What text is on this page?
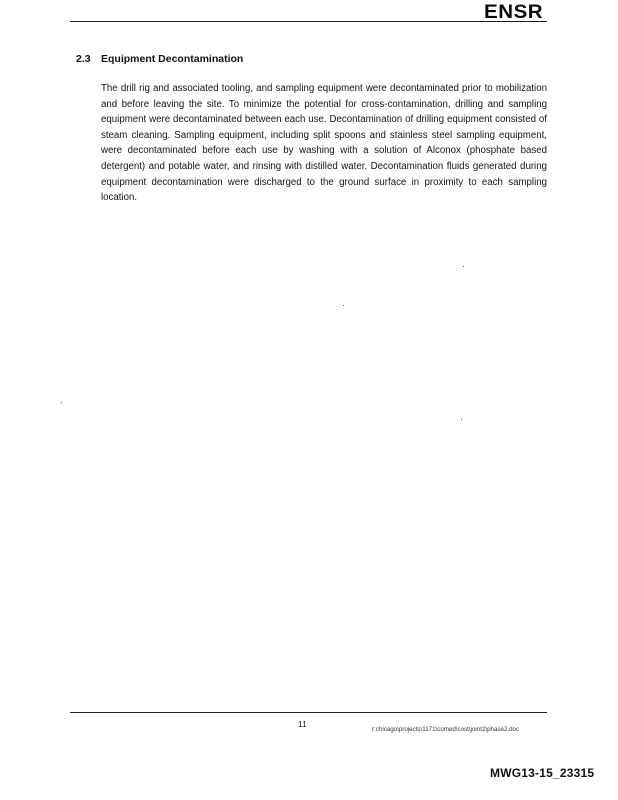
ENSR
2.3 Equipment Decontamination
The drill rig and associated tooling, and sampling equipment were decontaminated prior to mobilization and before leaving the site. To minimize the potential for cross-contamination, drilling and sampling equipment were decontaminated between each use. Decontamination of drilling equipment consisted of steam cleaning. Sampling equipment, including split spoons and stainless steel sampling equipment, were decontaminated before each use by washing with a solution of Alconox (phosphate based detergent) and potable water, and rinsing with distilled water. Decontamination fluids generated during equipment decontamination were discharged to the ground surface in proximity to each sampling location.
11
r:chicago\projects\1171\comed\cost\joint2\phase2.doc
MWG13-15_23315
